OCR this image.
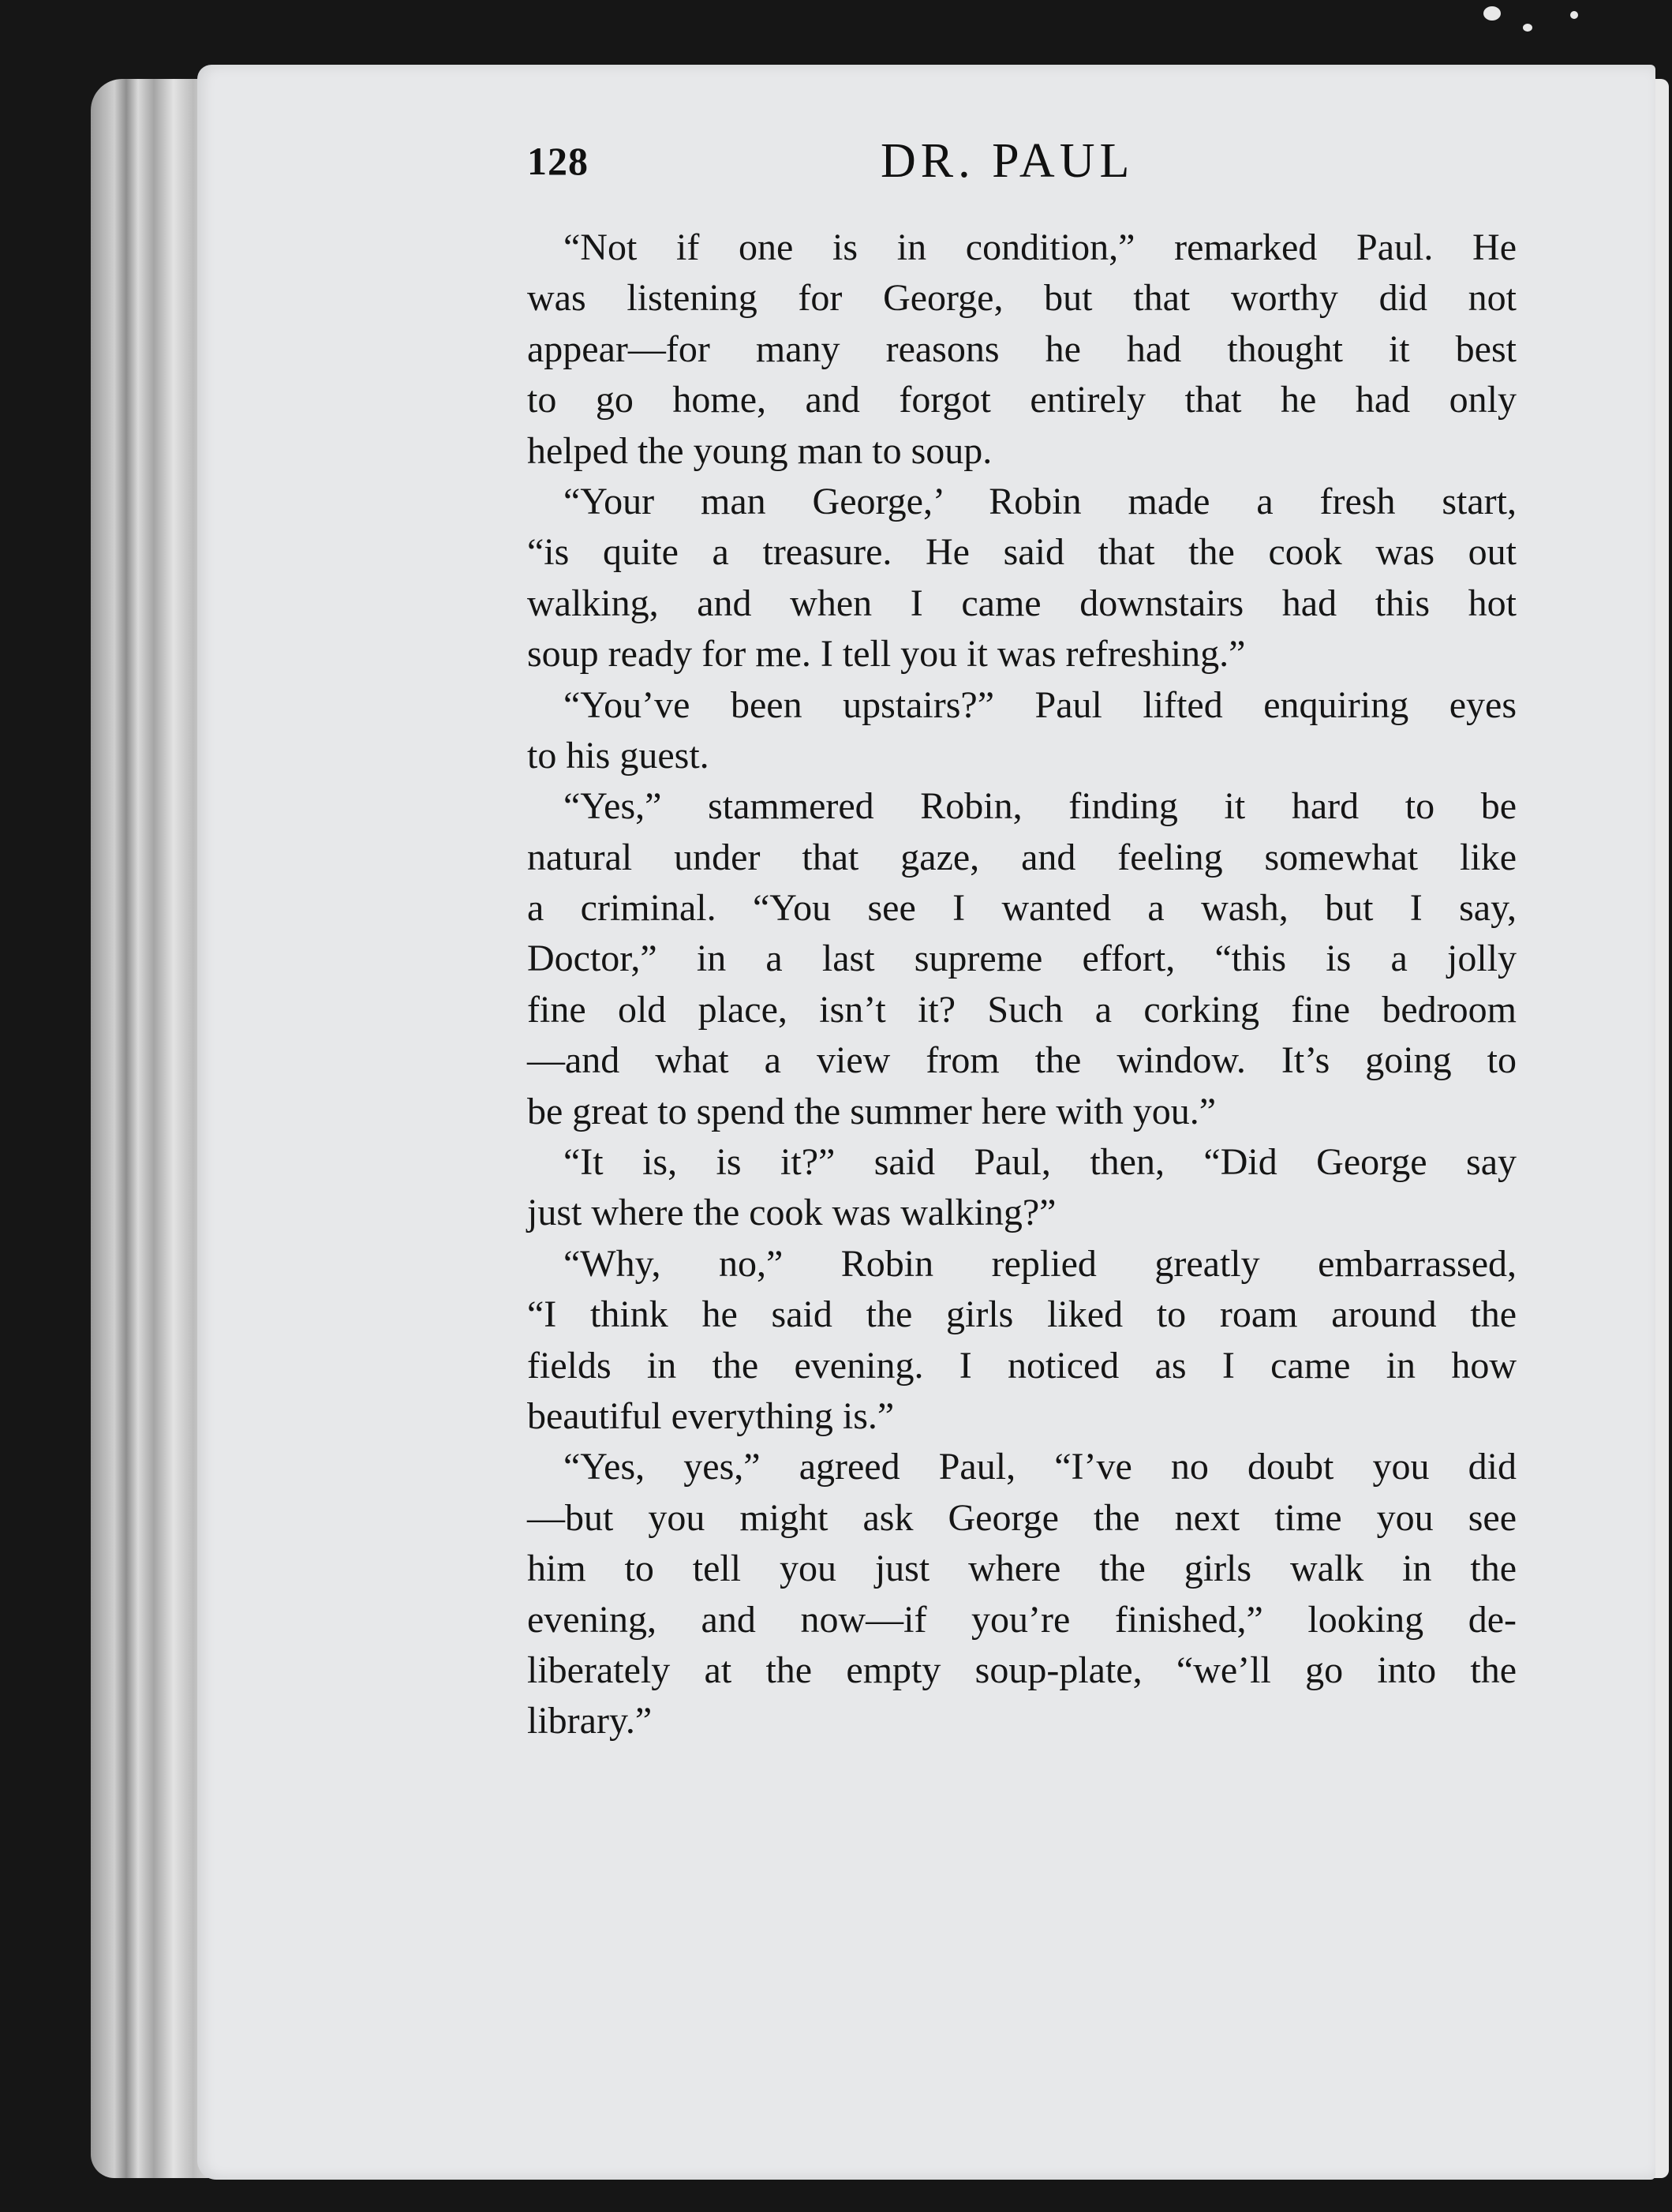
128	DR. PAUL
“Not if one is in condition,” remarked Paul. He
was listening for George, but that worthy did not
appear—for many reasons he had thought it best
to go home, and forgot entirely that he had only
helped the young man to soup.
“Your man George,’ Robin made a fresh start,
“is quite a treasure. He said that the cook was out
walking, and when I came downstairs had this hot
soup ready for me. I tell you it was refreshing.”
“You’ve been upstairs?” Paul lifted enquiring eyes
to his guest.
“Yes,” stammered Robin, finding it hard to be
natural under that gaze, and feeling somewhat like
a criminal. “You see I wanted a wash, but I say,
Doctor,” in a last supreme effort, “this is a jolly
fine old place, isn’t it? Such a corking fine bedroom
—and what a view from the window. It’s going to
be great to spend the summer here with you.”
“It is, is it?” said Paul, then, “Did George say
just where the cook was walking?”
“Why, no,” Robin replied greatly embarrassed,
“I think he said the girls liked to roam around the
fields in the evening. I noticed as I came in how
beautiful everything is.”
“Yes, yes,” agreed Paul, “I’ve no doubt you did
—but you might ask George the next time you see
him to tell you just where the girls walk in the
evening, and now—if you’re finished,” looking de-
liberately at the empty soup-plate, “we’ll go into the
library.”
